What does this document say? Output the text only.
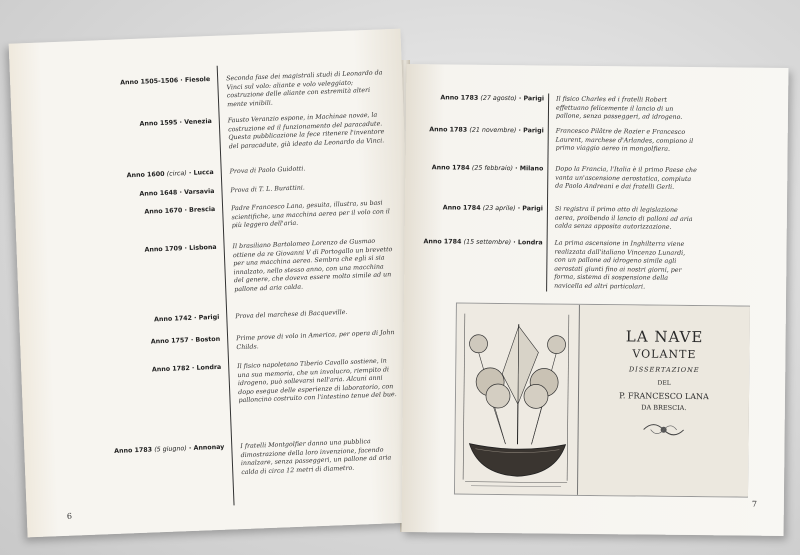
Anno 1505-1506 · Fiesole Seconda fase dei magistrali studi di Leonardo da Vinci sul volo: aliante e volo veleggiato; costruzione delle aliante con estremità alteri mente vinibili.
Anno 1595 · Venezia Fausto Veranzio espone, in Machinae novae, la costruzione ed il funzionamento del paracadute. Questa pubblicazione la fece ritenere l'inventore del paracadute, già ideato da Leonardo da Vinci.
Anno 1600 (circa) · Lucca Prova di Paolo Guidotti.
Anno 1648 · Varsavia Prova di T. L. Burattini.
Anno 1670 · Brescia Padre Francesco Lana, gesuita, illustra, su basi scientifiche, una macchina aerea per il volo con il più leggero dell'aria.
Anno 1709 · Lisbona Il brasiliano Bartolomeo Lorenzo de Gusmao ottiene da re Giovanni V di Portogallo un brevetto per una macchina aerea. Sembra che egli si sia innalzato, nello stesso anno, con una macchina del genere, che doveva essere molto simile ad un pallone ad aria calda.
Anno 1742 · Parigi Prova del marchese di Bacqueville.
Anno 1757 · Boston Prime prove di volo in America, per opera di John Childs.
Anno 1782 · Londra Il fisico napoletano Tiberio Cavallo sostiene, in una sua memoria, che un involucro, riempito di idrogeno, può sollevarsi nell'aria. Alcuni anni dopo esegue delle esperienze di laboratorio, con palloncino costruito con l'intestino tenue del bue.
Anno 1783 (5 giugno) · Annonay I fratelli Montgolfier danno una pubblica dimostrazione della loro invenzione, facendo innalzare, senza passeggeri, un pallone ad aria calda di circa 12 metri di diametro.
6
Anno 1783 (27 agosto) · Parigi Il fisico Charles ed i fratelli Robert effettuano felicemente il lancio di un pallone, senza passeggeri, ad idrogeno.
Anno 1783 (21 novembre) · Parigi Francesco Pilâtre de Rozier e Francesco Laurent, marchese d'Arlandes, compiono il primo viaggio aereo in mongolfiera.
Anno 1784 (25 febbraio) · Milano Dopo la Francia, l'Italia è il primo Paese che vanta un'ascensione aerostatica, compiuta da Paolo Andreani e dai fratelli Gerli.
Anno 1784 (23 aprile) · Parigi Si registra il primo atto di legislazione aerea, proibendo il lancio di palloni ad aria calda senza apposita autorizzazione.
Anno 1784 (15 settembre) · Londra La prima ascensione in Inghilterra viene realizzata dall'italiano Vincenzo Lunardi, con un pallone ad idrogeno simile agli aerostati giunti fino ai nostri giorni, per forma, sistema di sospensione della navicella ed altri particolari.
LA NAVE
VOLANTE
DISSERTAZIONE
DEL
P. FRANCESCO LANA
DA BRESCIA.
7
